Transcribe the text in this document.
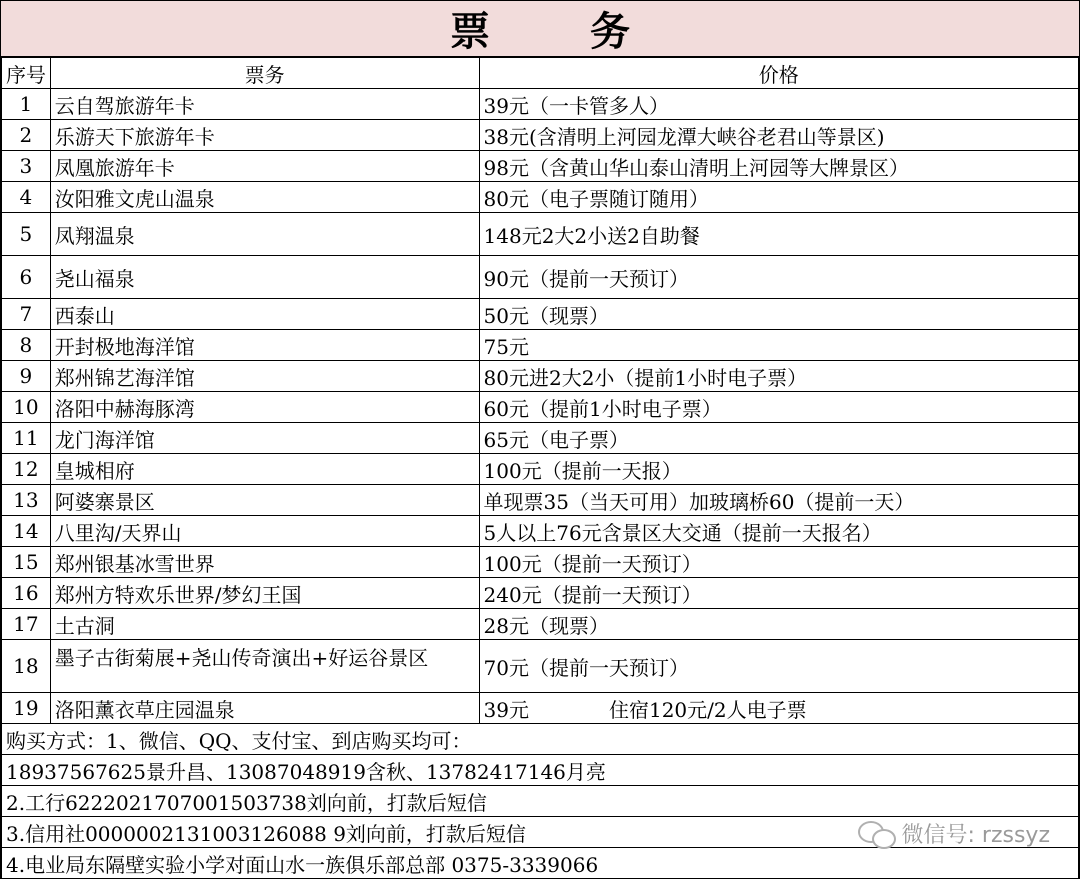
票务
序号	票务	价格
1	云自驾旅游年卡	39元（一卡管多人）
2	乐游天下旅游年卡	38元(含清明上河园龙潭大峡谷老君山等景区)
3	凤凰旅游年卡	98元（含黄山华山泰山清明上河园等大牌景区）
4	汝阳雅文虎山温泉	80元（电子票随订随用）
5	凤翔温泉	148元2大2小送2自助餐
6	尧山福泉	90元（提前一天预订）
7	西泰山	50元（现票）
8	开封极地海洋馆	75元
9	郑州锦艺海洋馆	80元进2大2小（提前1小时电子票）
10	洛阳中赫海豚湾	60元（提前1小时电子票）
11	龙门海洋馆	65元（电子票）
12	皇城相府	100元（提前一天报）
13	阿婆寨景区	单现票35（当天可用）加玻璃桥60（提前一天）
14	八里沟/天界山	5人以上76元含景区大交通（提前一天报名）
15	郑州银基冰雪世界	100元（提前一天预订）
16	郑州方特欢乐世界/梦幻王国	240元（提前一天预订）
17	土古洞	28元（现票）
18	墨子古街菊展+尧山传奇演出+好运谷景区	70元（提前一天预订）
19	洛阳薰衣草庄园温泉	39元 住宿120元/2人电子票
购买方式：1、微信、QQ、支付宝、到店购买均可：
18937567625景升昌、13087048919含秋、13782417146月亮
2.工行6222021707001503738刘向前，打款后短信
3.信用社0000002131003126088 9刘向前，打款后短信
4.电业局东隔壁实验小学对面山水一族俱乐部总部 0375-3339066
微信号: rzssyz
